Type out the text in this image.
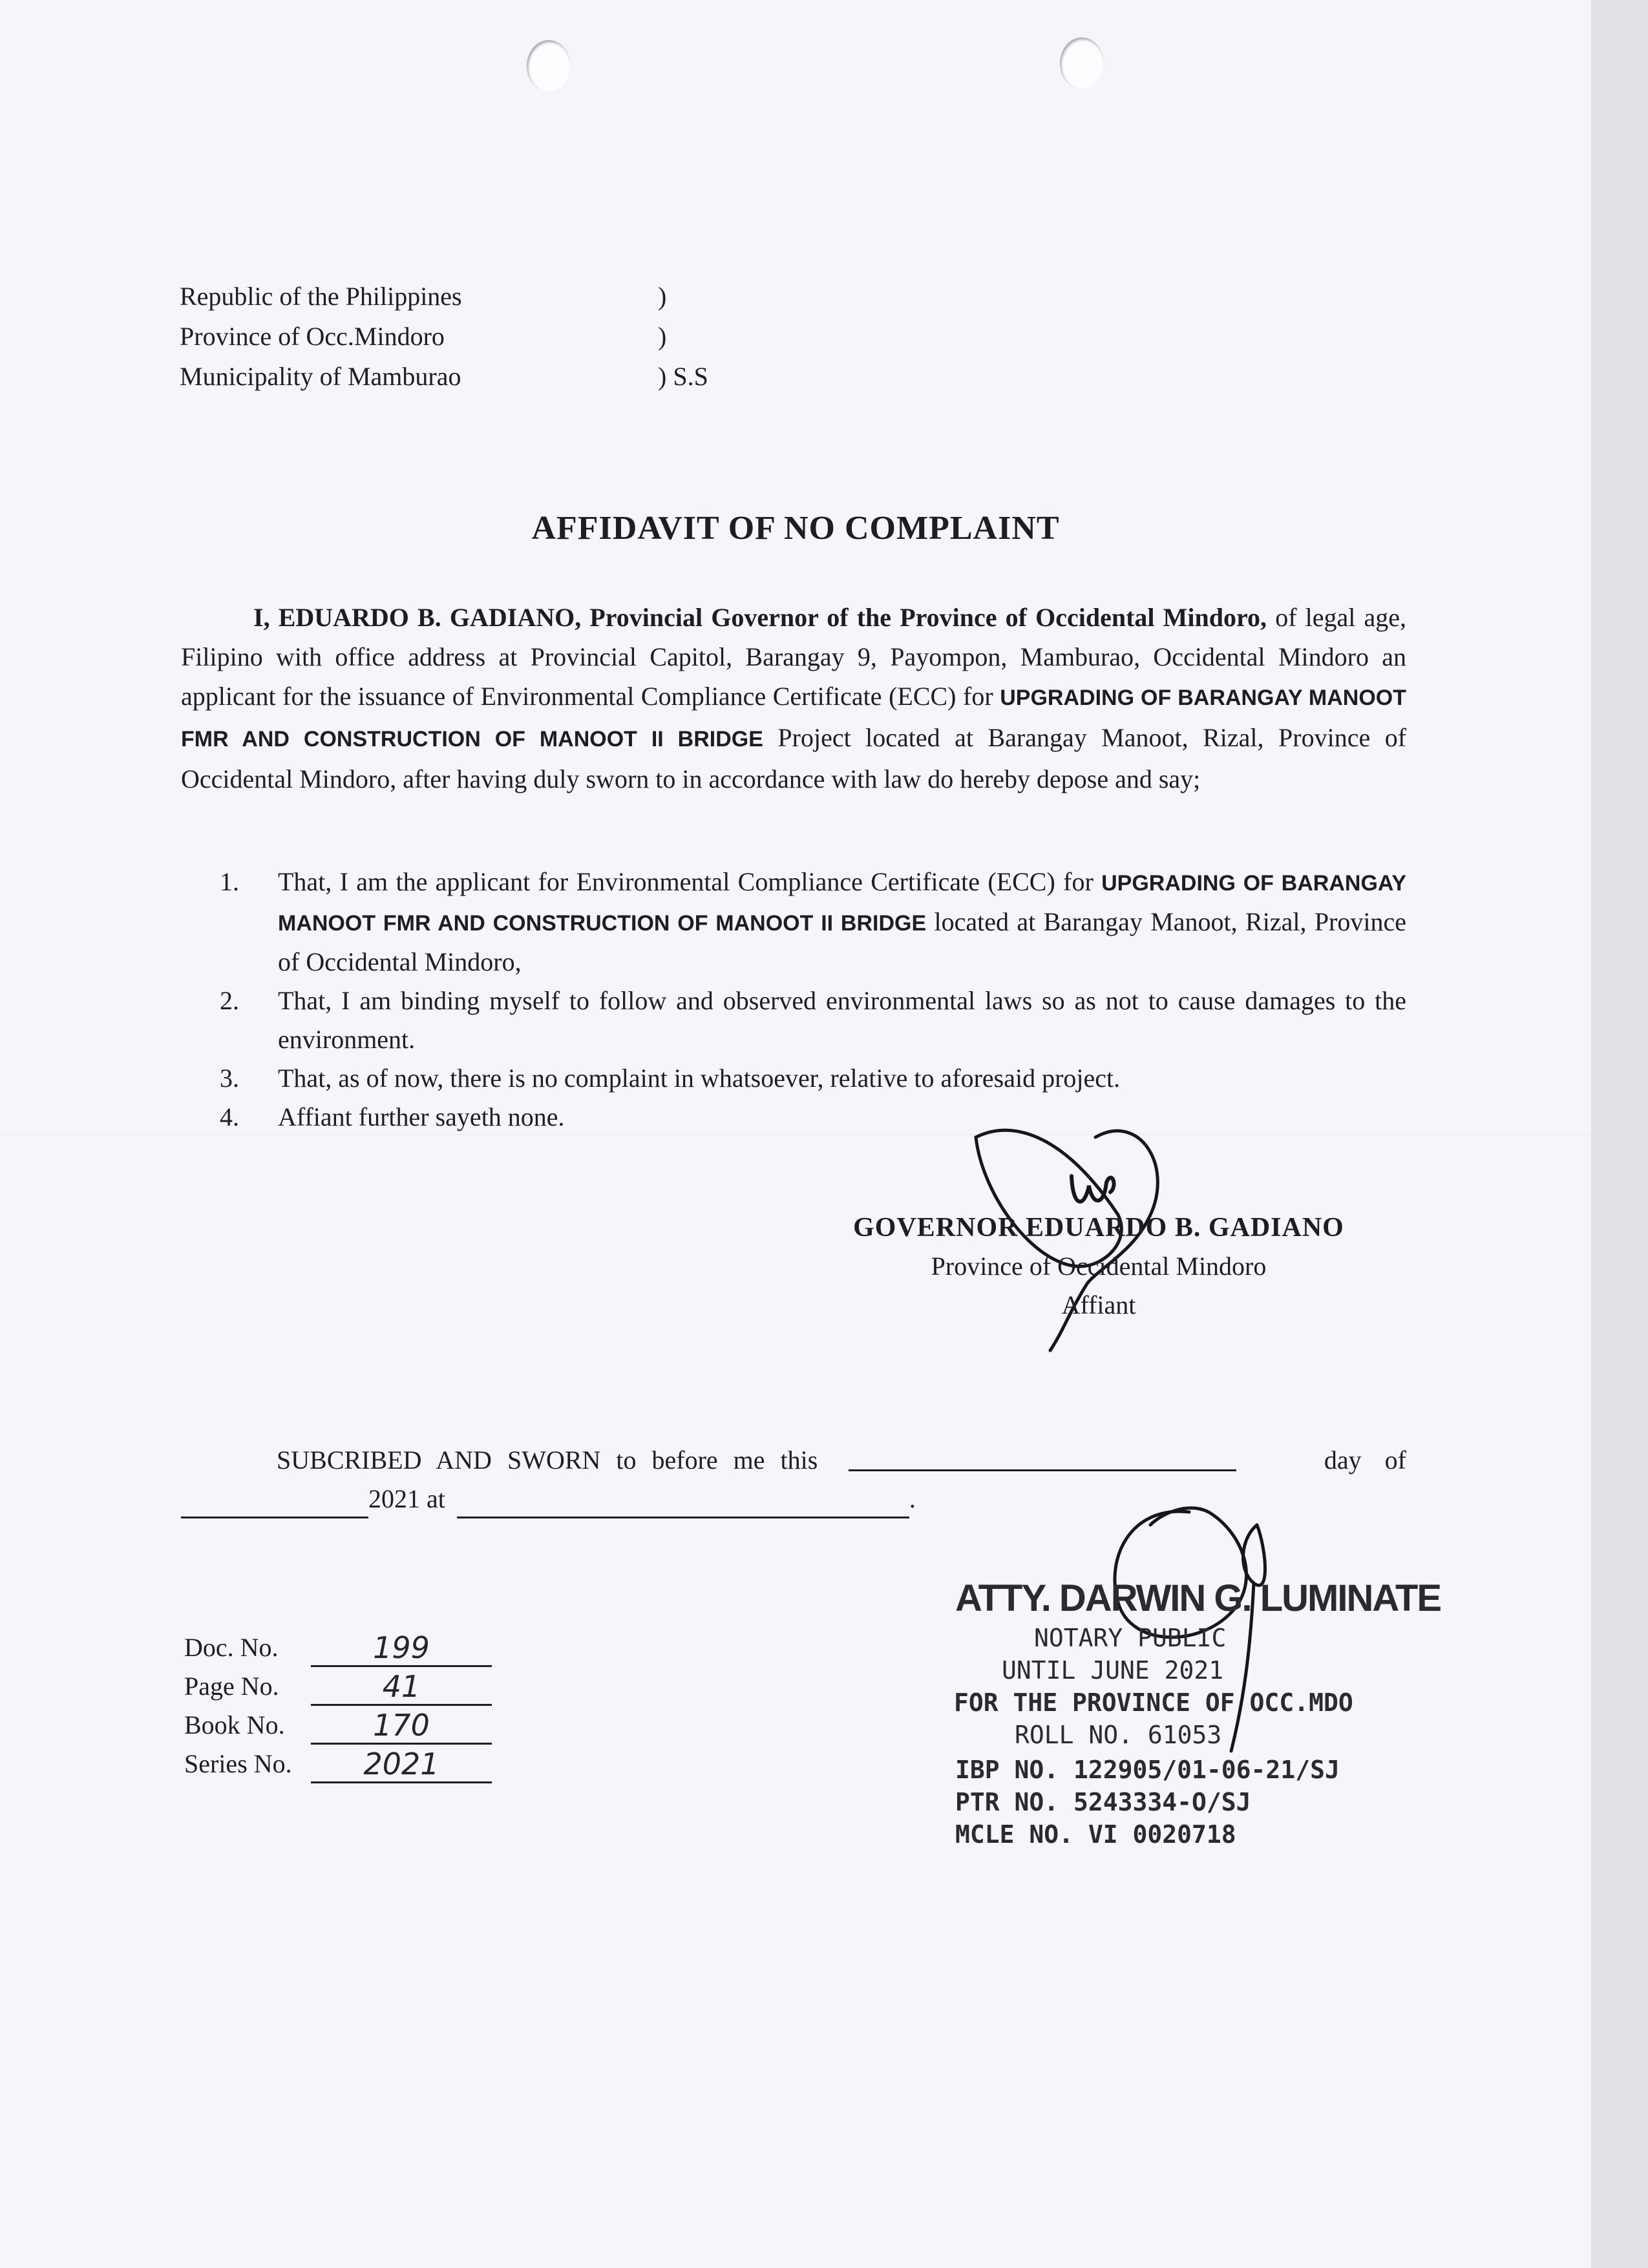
Republic of the Philippines	)
Province of Occ.Mindoro	)
Municipality of Mamburao	) S.S
AFFIDAVIT OF NO COMPLAINT
I, EDUARDO B. GADIANO, Provincial Governor of the Province of Occidental Mindoro, of legal age, Filipino with office address at Provincial Capitol, Barangay 9, Payompon, Mamburao, Occidental Mindoro an applicant for the issuance of Environmental Compliance Certificate (ECC) for UPGRADING OF BARANGAY MANOOT FMR AND CONSTRUCTION OF MANOOT II BRIDGE Project located at Barangay Manoot, Rizal, Province of Occidental Mindoro, after having duly sworn to in accordance with law do hereby depose and say;
1.	That, I am the applicant for Environmental Compliance Certificate (ECC) for UPGRADING OF BARANGAY MANOOT FMR AND CONSTRUCTION OF MANOOT II BRIDGE located at Barangay Manoot, Rizal, Province of Occidental Mindoro,
2.	That, I am binding myself to follow and observed environmental laws so as not to cause damages to the environment.
3.	That, as of now, there is no complaint in whatsoever, relative to aforesaid project.
4.	Affiant further sayeth none.
GOVERNOR EDUARDO B. GADIANO
Province of Occidental Mindoro
Affiant
SUBCRIBED AND SWORN to before me this	day of
2021 at	.
Doc. No.	199
Page No.	41
Book No.	170
Series No.	2021
ATTY. DARWIN G. LUMINATE
NOTARY PUBLIC
UNTIL JUNE 2021
FOR THE PROVINCE OF OCC.MDO
ROLL NO. 61053
IBP NO. 122905/01-06-21/SJ
PTR NO. 5243334-O/SJ
MCLE NO. VI 0020718
